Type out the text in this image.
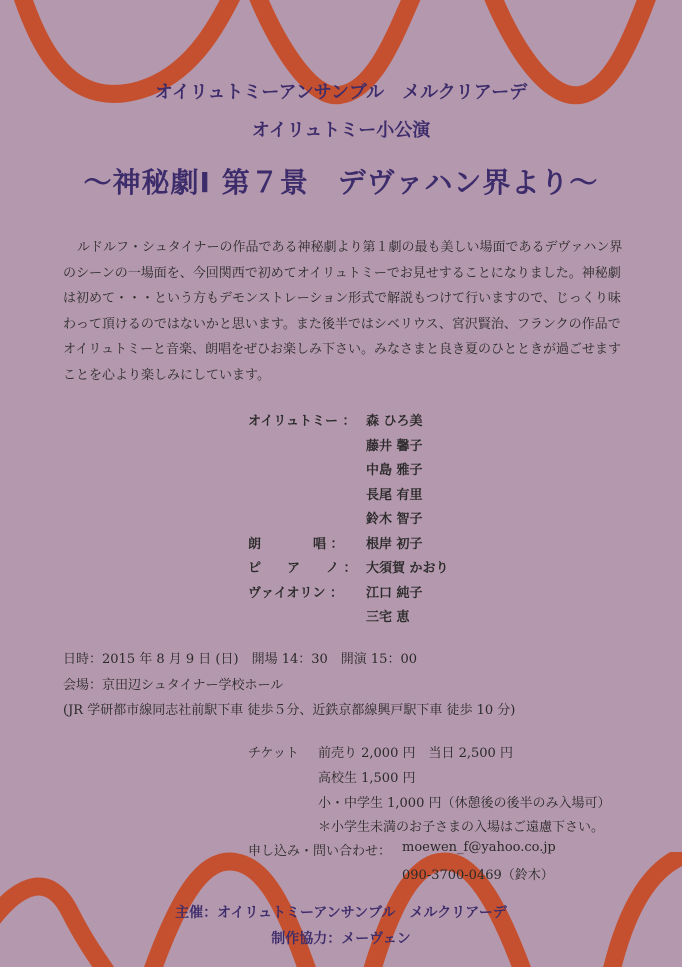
オイリュトミーアンサンブル　メルクリアーデ
オイリュトミー小公演
～神秘劇Ⅰ 第７景　デヴァハン界より～

ルドルフ・シュタイナーの作品である神秘劇より第１劇の最も美しい場面であるデヴァハン界のシーンの一場面を、今回関西で初めてオイリュトミーでお見せすることになりました。神秘劇は初めて・・・という方もデモンストレーション形式で解説もつけて行いますので、じっくり味わって頂けるのではないかと思います。また後半ではシベリウス、宮沢賢治、フランクの作品でオイリュトミーと音楽、朗唱をぜひお楽しみ下さい。みなさまと良き夏のひとときが過ごせますことを心より楽しみにしています。

オイリュトミー ： 森 ひろ美
藤井 馨子
中島 雅子
長尾 有里
鈴木 智子
朗　　　　唱 ：	根岸 初子
ピ　　ア　　ノ ： 大須賀 かおり
ヴァイオリン ：	江口 純子
三宅 恵
日時：2015 年 8 月 9 日 (日)　開場 14：30　開演 15：00
会場：京田辺シュタイナー学校ホール
(JR 学研都市線同志社前駅下車 徒歩５分、近鉄京都線興戸駅下車 徒歩 10 分)
チケット 前売り 2,000 円　当日 2,500 円
高校生 1,500 円
小・中学生 1,000 円（休憩後の後半のみ入場可）
＊小学生未満のお子さまの入場はご遠慮下さい。
申し込み・問い合わせ： moewen_f@yahoo.co.jp
090-3700-0469（鈴木）
主催：オイリュトミーアンサンブル　メルクリアーデ
制作協力：メーヴェン
